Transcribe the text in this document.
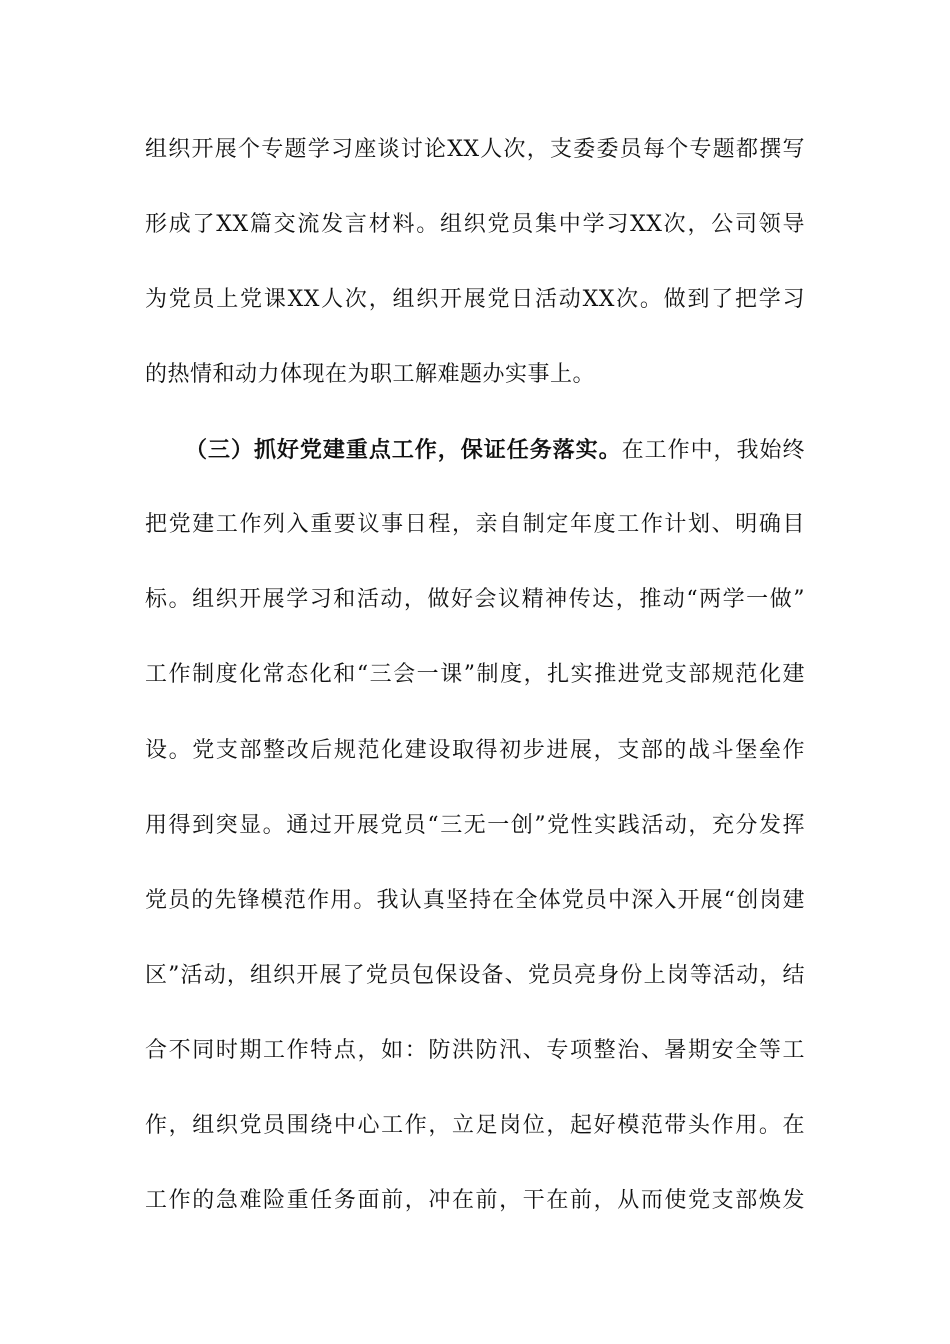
组织开展个专题学习座谈讨论XX人次，支委委员每个专题都撰写
形成了XX篇交流发言材料。组织党员集中学习XX次，公司领导
为党员上党课XX人次，组织开展党日活动XX次。做到了把学习
的热情和动力体现在为职工解难题办实事上。
（三）抓好党建重点工作，保证任务落实。在工作中，我始终
把党建工作列入重要议事日程，亲自制定年度工作计划、明确目
标。组织开展学习和活动，做好会议精神传达，推动“两学一做”
工作制度化常态化和“三会一课”制度，扎实推进党支部规范化建
设。党支部整改后规范化建设取得初步进展，支部的战斗堡垒作
用得到突显。通过开展党员“三无一创”党性实践活动，充分发挥
党员的先锋模范作用。我认真坚持在全体党员中深入开展“创岗建
区”活动，组织开展了党员包保设备、党员亮身份上岗等活动，结
合不同时期工作特点，如：防洪防汛、专项整治、暑期安全等工
作，组织党员围绕中心工作，立足岗位，起好模范带头作用。在
工作的急难险重任务面前，冲在前，干在前，从而使党支部焕发
